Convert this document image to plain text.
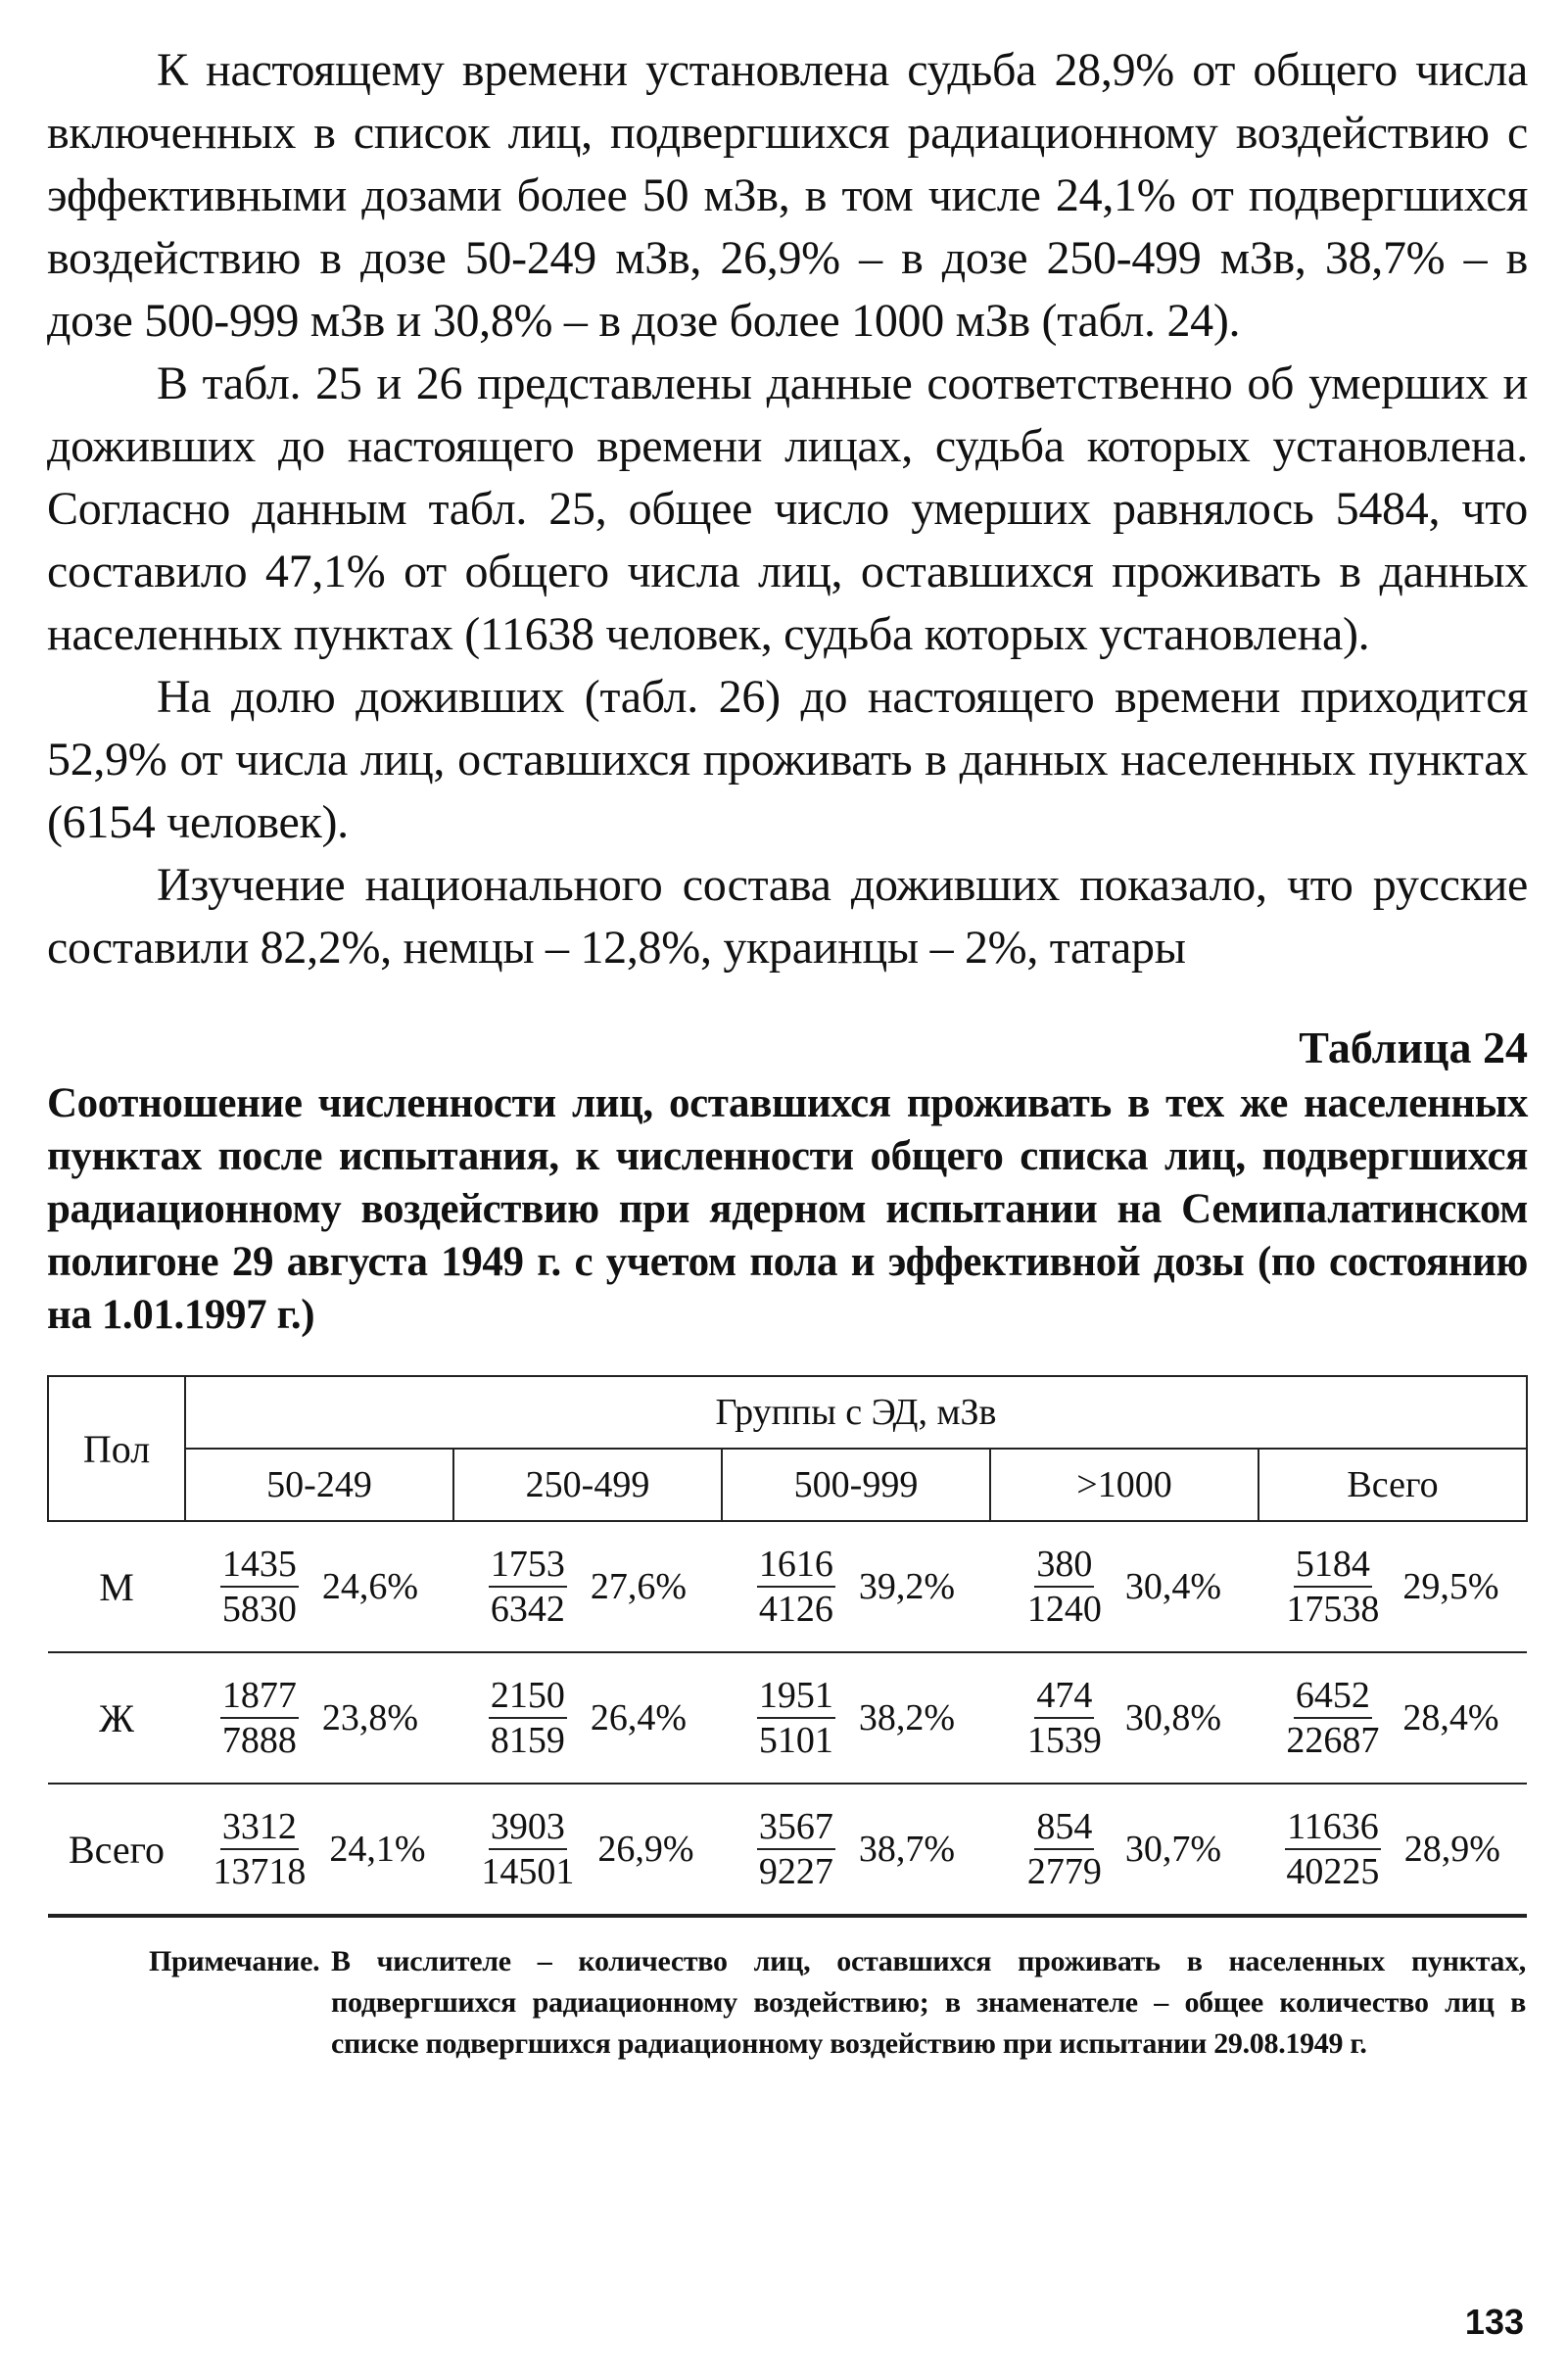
К настоящему времени установлена судьба 28,9% от общего числа включенных в список лиц, подвергшихся радиационному воздействию с эффективными дозами более 50 мЗв, в том числе 24,1% от подвергшихся воздействию в дозе 50-249 мЗв, 26,9% – в дозе 250-499 мЗв, 38,7% – в дозе 500-999 мЗв и 30,8% – в дозе более 1000 мЗв (табл. 24).

В табл. 25 и 26 представлены данные соответственно об умерших и доживших до настоящего времени лицах, судьба которых установлена. Согласно данным табл. 25, общее число умерших равнялось 5484, что составило 47,1% от общего числа лиц, оставшихся проживать в данных населенных пунктах (11638 человек, судьба которых установлена).

На долю доживших (табл. 26) до настоящего времени приходится 52,9% от числа лиц, оставшихся проживать в данных населенных пунктах (6154 человек).

Изучение национального состава доживших показало, что русские составили 82,2%, немцы – 12,8%, украинцы – 2%, татары

Таблица 24

Соотношение численности лиц, оставшихся проживать в тех же населенных пунктах после испытания, к численности общего списка лиц, подвергшихся радиационному воздействию при ядерном испытании на Семипалатинском полигоне 29 августа 1949 г. с учетом пола и эффективной дозы (по состоянию на 1.01.1997 г.)

Пол	Группы с ЭД, мЗв				
	50-249	250-499	500-999	>1000	Всего
М	$\frac{1435}{5830} 24,6\%$	$\frac{1753}{6342} 27,6\%$	$\frac{1616}{4126} 39,2\%$	$\frac{380}{1240} 30,4\%$	$\frac{5184}{17538} 29,5\%$

Ж	$\frac{1877}{7888} 23,8\%$	$\frac{2150}{8159} 26,4\%$	$\frac{1951}{5101} 38,2\%$	$\frac{474}{1539} 30,8\%$	$\frac{6452}{22687} 28,4\%$

Всего	$\frac{3312}{13718} 24,1\%$	$\frac{3903}{14501} 26,9\%$	$\frac{3567}{9227} 38,7\%$	$\frac{854}{2779} 30,7\%$	$\frac{11636}{40225} 28,9\%$
Примечание. В числителе – количество лиц, оставшихся проживать в населенных пунктах, подвергшихся радиационному воздействию; в знаменателе – общее количество лиц в списке подвергшихся радиационному воздействию при испытании 29.08.1949 г.
133
